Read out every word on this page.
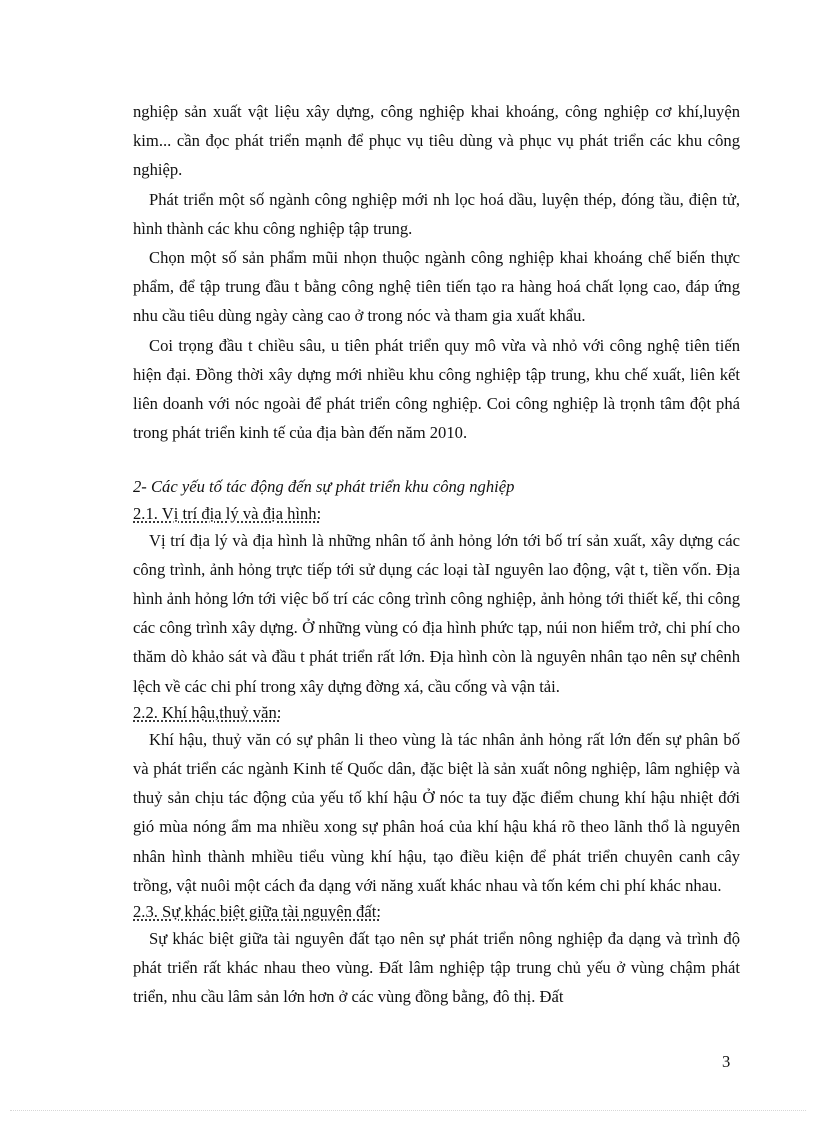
nghiệp sản xuất vật liệu xây dựng, công nghiệp khai khoáng, công nghiệp cơ khí,luyện kim... cần đọc phát triển mạnh để phục vụ tiêu dùng và phục vụ phát triển các khu công nghiệp.

Phát triển một số ngành công nghiệp mới nh lọc hoá dầu, luyện thép, đóng tầu, điện tử, hình thành các khu công nghiệp tập trung.

Chọn một số sản phẩm mũi nhọn thuộc ngành công nghiệp khai khoáng chế biến thực phẩm, để tập trung đầu t bằng công nghệ tiên tiến tạo ra hàng hoá chất lọng cao, đáp ứng nhu cầu tiêu dùng ngày càng cao ở trong nóc và tham gia xuất khẩu.

Coi trọng đầu t chiều sâu, u tiên phát triển quy mô vừa và nhỏ với công nghệ tiên tiến hiện đại. Đồng thời xây dựng mới nhiều khu công nghiệp tập trung, khu chế xuất, liên kết liên doanh với nóc ngoài để phát triển công nghiệp. Coi công nghiệp là trọnh tâm đột phá trong phát triển kinh tế của địa bàn đến năm 2010.

2- Các yếu tố tác động đến sự phát triển khu công nghiệp

2.1. Vị trí địa lý và địa hình:

Vị trí địa lý và địa hình là những nhân tố ảnh hỏng lớn tới bố trí sản xuất, xây dựng các công trình, ảnh hỏng trực tiếp tới sử dụng các loại tàI nguyên lao động, vật t, tiền vốn. Địa hình ảnh hỏng lớn tới việc bố trí các công trình công nghiệp, ảnh hỏng tới thiết kế, thi công các công trình xây dựng. Ở những vùng có địa hình phức tạp, núi non hiểm trở, chi phí cho thăm dò khảo sát và đầu t phát triển rất lớn. Địa hình còn là nguyên nhân tạo nên sự chênh lệch về các chi phí trong xây dựng đờng xá, cầu cống và vận tải.

2.2. Khí hậu,thuỷ văn:

Khí hậu, thuỷ văn có sự phân li theo vùng là tác nhân ảnh hỏng rất lớn đến sự phân bố và phát triển các ngành Kinh tế Quốc dân, đặc biệt là sản xuất nông nghiệp, lâm nghiệp và thuỷ sản chịu tác động của yếu tố khí hậu Ở nóc ta tuy đặc điểm chung khí hậu nhiệt đới gió mùa nóng ẩm ma nhiều xong sự phân hoá của khí hậu khá rõ theo lãnh thổ là nguyên nhân hình thành mhiều tiểu vùng khí hậu, tạo điều kiện để phát triển chuyên canh cây trồng, vật nuôi một cách đa dạng với năng xuất khác nhau và tốn kém chi phí khác nhau.

2.3. Sự khác biệt giữa tài nguyên đất:

Sự khác biệt giữa tài nguyên đất tạo nên sự phát triển nông nghiệp đa dạng và trình độ phát triển rất khác nhau theo vùng. Đất lâm nghiệp tập trung chủ yếu ở vùng chậm phát triển, nhu cầu lâm sản lớn hơn ở các vùng đồng bằng, đô thị. Đất

3
